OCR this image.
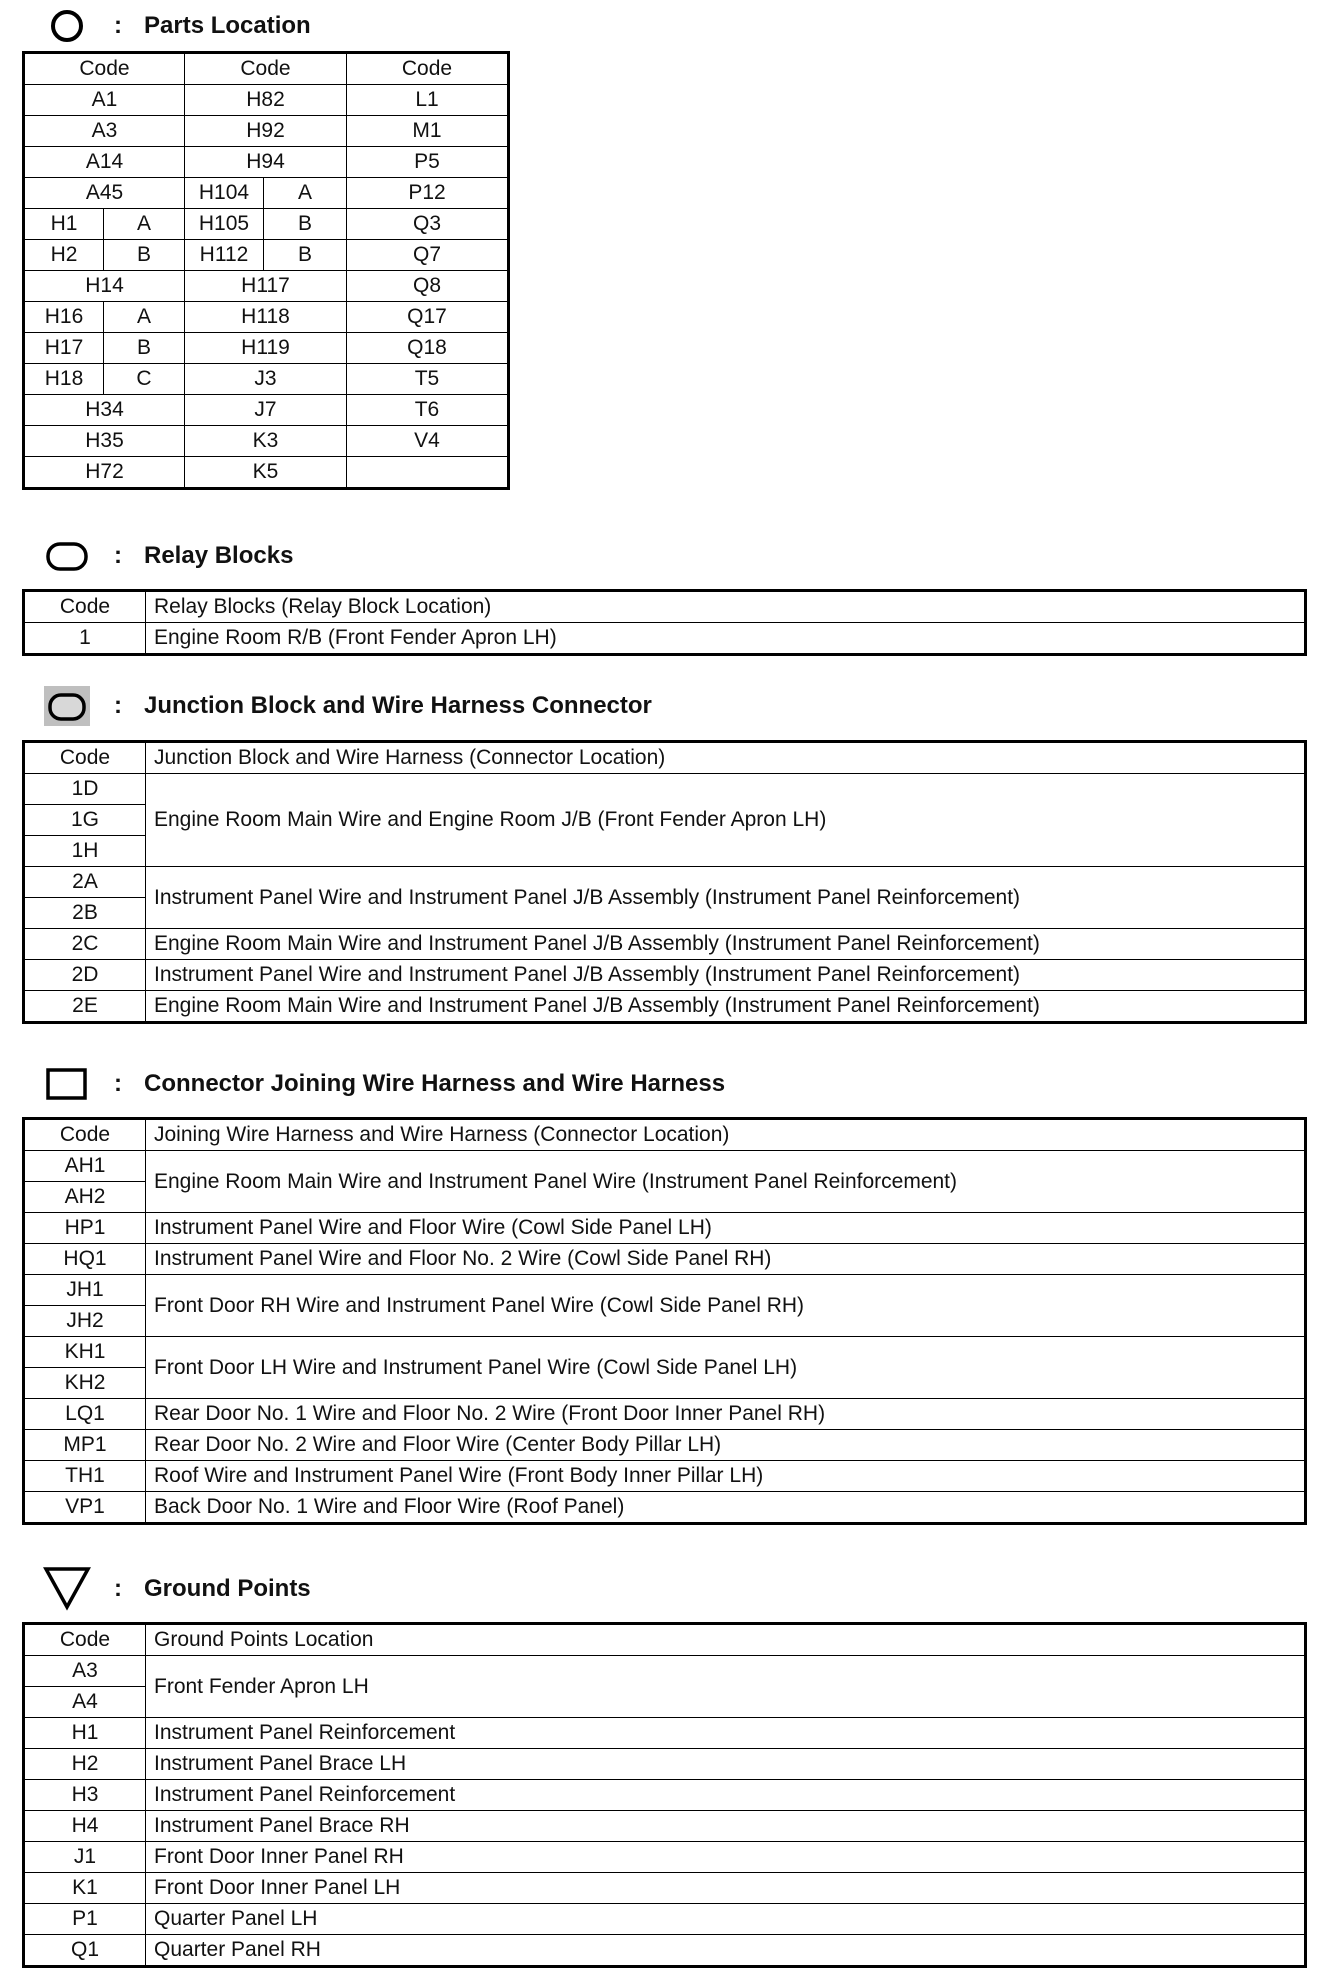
: Parts Location
Code	Code	Code
A1	H82	L1
A3	H92	M1
A14	H94	P5
A45	H104 A	P12

H1 A	H105 B	Q3

H2 B	H112 B	Q7
H14	H117	Q8

H16 A	H118	Q17

H17 B	H119	Q18

H18 C	J3	T5
H34	J7	T6
H35	K3	V4
H72	K5	
: Relay Blocks
Code	Relay Blocks (Relay Block Location)
1	Engine Room R/B (Front Fender Apron LH)
: Junction Block and Wire Harness Connector
Code	Junction Block and Wire Harness (Connector Location)
1D	Engine Room Main Wire and Engine Room J/B (Front Fender Apron LH)
1G	
1H	
2A	Instrument Panel Wire and Instrument Panel J/B Assembly (Instrument Panel Reinforcement)
2B	
2C	Engine Room Main Wire and Instrument Panel J/B Assembly (Instrument Panel Reinforcement)
2D	Instrument Panel Wire and Instrument Panel J/B Assembly (Instrument Panel Reinforcement)
2E	Engine Room Main Wire and Instrument Panel J/B Assembly (Instrument Panel Reinforcement)
: Connector Joining Wire Harness and Wire Harness
Code	Joining Wire Harness and Wire Harness (Connector Location)
AH1	Engine Room Main Wire and Instrument Panel Wire (Instrument Panel Reinforcement)
AH2	
HP1	Instrument Panel Wire and Floor Wire (Cowl Side Panel LH)
HQ1	Instrument Panel Wire and Floor No. 2 Wire (Cowl Side Panel RH)
JH1	Front Door RH Wire and Instrument Panel Wire (Cowl Side Panel RH)
JH2	
KH1	Front Door LH Wire and Instrument Panel Wire (Cowl Side Panel LH)
KH2	
LQ1	Rear Door No. 1 Wire and Floor No. 2 Wire (Front Door Inner Panel RH)
MP1	Rear Door No. 2 Wire and Floor Wire (Center Body Pillar LH)
TH1	Roof Wire and Instrument Panel Wire (Front Body Inner Pillar LH)
VP1	Back Door No. 1 Wire and Floor Wire (Roof Panel)
: Ground Points
Code	Ground Points Location
A3	Front Fender Apron LH
A4	
H1	Instrument Panel Reinforcement
H2	Instrument Panel Brace LH
H3	Instrument Panel Reinforcement
H4	Instrument Panel Brace RH
J1	Front Door Inner Panel RH
K1	Front Door Inner Panel LH
P1	Quarter Panel LH
Q1	Quarter Panel RH
